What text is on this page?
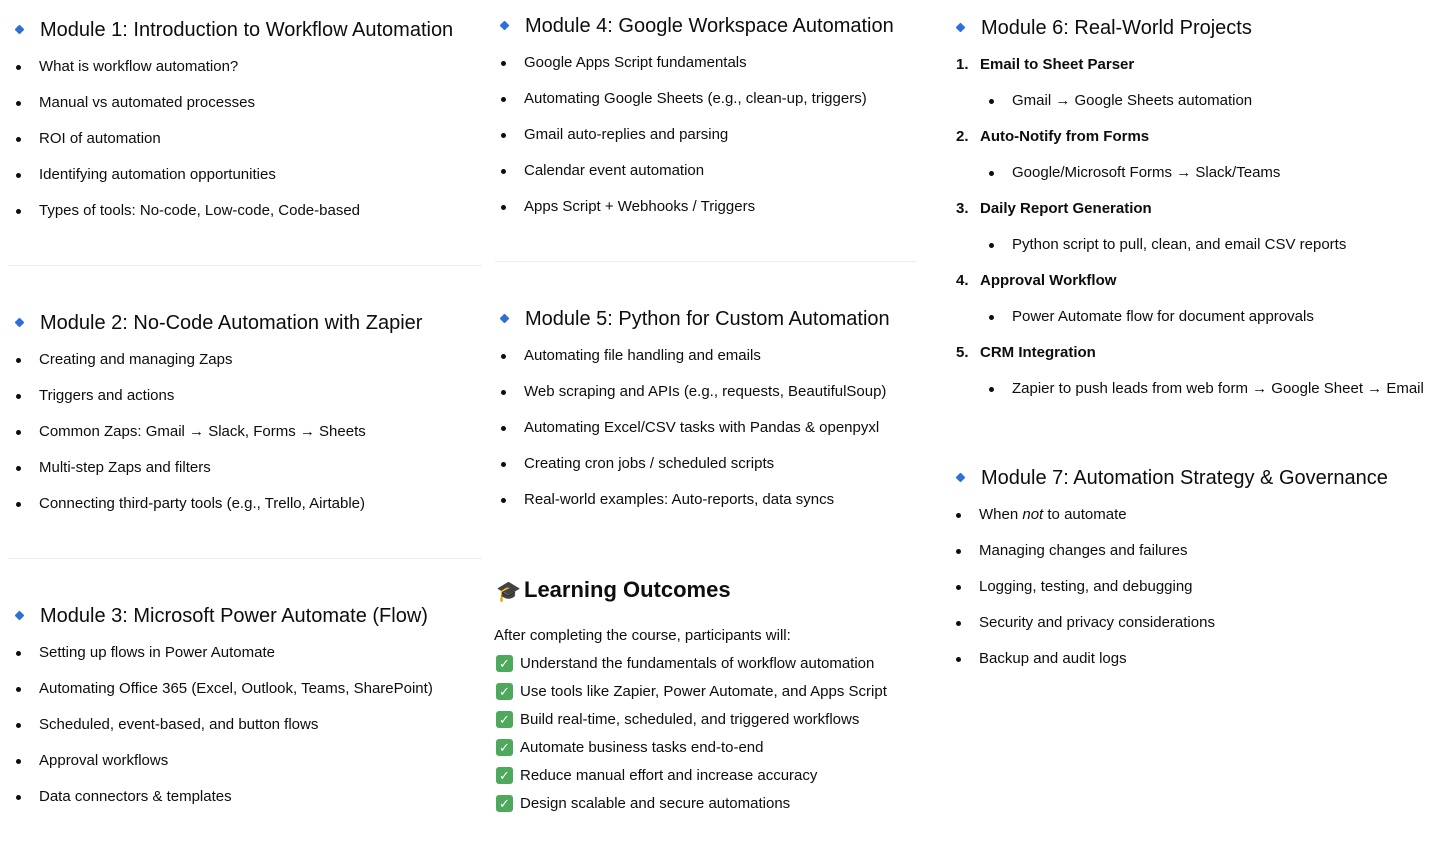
Module 1: Introduction to Workflow Automation
What is workflow automation?
Manual vs automated processes
ROI of automation
Identifying automation opportunities
Types of tools: No-code, Low-code, Code-based
Module 2: No-Code Automation with Zapier
Creating and managing Zaps
Triggers and actions
Common Zaps: Gmail → Slack, Forms → Sheets
Multi-step Zaps and filters
Connecting third-party tools (e.g., Trello, Airtable)
Module 3: Microsoft Power Automate (Flow)
Setting up flows in Power Automate
Automating Office 365 (Excel, Outlook, Teams, SharePoint)
Scheduled, event-based, and button flows
Approval workflows
Data connectors & templates
Module 4: Google Workspace Automation
Google Apps Script fundamentals
Automating Google Sheets (e.g., clean-up, triggers)
Gmail auto-replies and parsing
Calendar event automation
Apps Script + Webhooks / Triggers
Module 5: Python for Custom Automation
Automating file handling and emails
Web scraping and APIs (e.g., requests, BeautifulSoup)
Automating Excel/CSV tasks with Pandas & openpyxl
Creating cron jobs / scheduled scripts
Real-world examples: Auto-reports, data syncs
🎓 Learning Outcomes
After completing the course, participants will:
✓ Understand the fundamentals of workflow automation
✓ Use tools like Zapier, Power Automate, and Apps Script
✓ Build real-time, scheduled, and triggered workflows
✓ Automate business tasks end-to-end
✓ Reduce manual effort and increase accuracy
✓ Design scalable and secure automations
Module 6: Real-World Projects
1. Email to Sheet Parser
Gmail → Google Sheets automation
2. Auto-Notify from Forms
Google/Microsoft Forms → Slack/Teams
3. Daily Report Generation
Python script to pull, clean, and email CSV reports
4. Approval Workflow
Power Automate flow for document approvals
5. CRM Integration
Zapier to push leads from web form → Google Sheet → Email
Module 7: Automation Strategy & Governance
When not to automate
Managing changes and failures
Logging, testing, and debugging
Security and privacy considerations
Backup and audit logs
